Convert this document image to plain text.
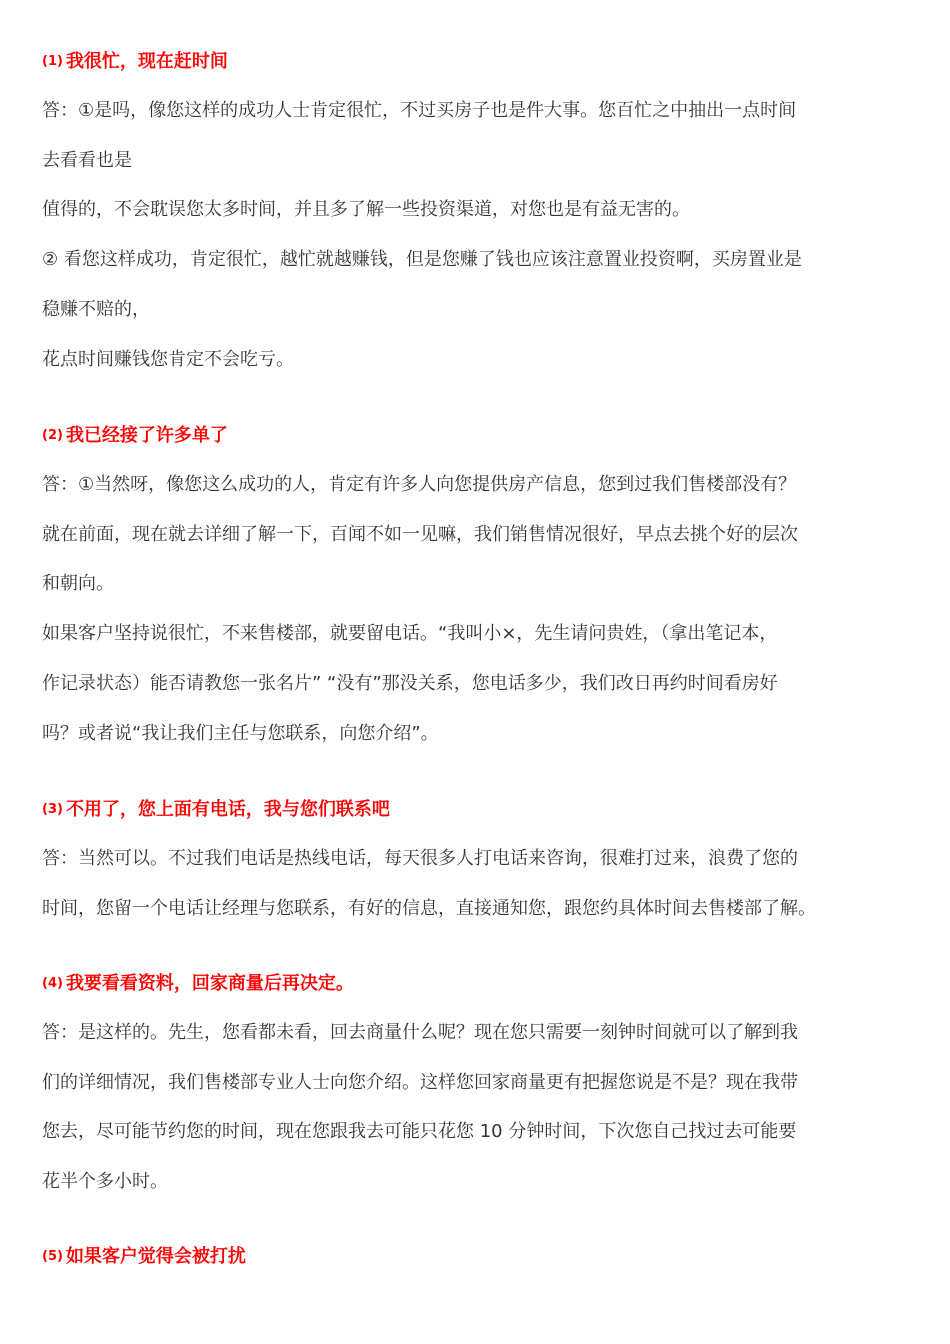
(1) 我很忙，现在赶时间

答：①是吗，像您这样的成功人士肯定很忙，不过买房子也是件大事。您百忙之中抽出一点时间

去看看也是

值得的，不会耽误您太多时间，并且多了解一些投资渠道，对您也是有益无害的。

② 看您这样成功，肯定很忙，越忙就越赚钱，但是您赚了钱也应该注意置业投资啊，买房置业是

稳赚不赔的，

花点时间赚钱您肯定不会吃亏。

(2) 我已经接了许多单了

答：①当然呀，像您这么成功的人，肯定有许多人向您提供房产信息，您到过我们售楼部没有？

就在前面，现在就去详细了解一下，百闻不如一见嘛，我们销售情况很好，早点去挑个好的层次

和朝向。

如果客户坚持说很忙，不来售楼部，就要留电话。“我叫小×，先生请问贵姓，（拿出笔记本，

作记录状态）能否请教您一张名片” “没有”那没关系，您电话多少，我们改日再约时间看房好

吗？或者说“我让我们主任与您联系，向您介绍”。

(3) 不用了，您上面有电话，我与您们联系吧

答：当然可以。不过我们电话是热线电话，每天很多人打电话来咨询，很难打过来，浪费了您的

时间，您留一个电话让经理与您联系，有好的信息，直接通知您，跟您约具体时间去售楼部了解。

(4) 我要看看资料，回家商量后再决定。

答：是这样的。先生，您看都未看，回去商量什么呢？现在您只需要一刻钟时间就可以了解到我

们的详细情况，我们售楼部专业人士向您介绍。这样您回家商量更有把握您说是不是？现在我带

您去，尽可能节约您的时间，现在您跟我去可能只花您 10 分钟时间，下次您自己找过去可能要

花半个多小时。

(5) 如果客户觉得会被打扰
